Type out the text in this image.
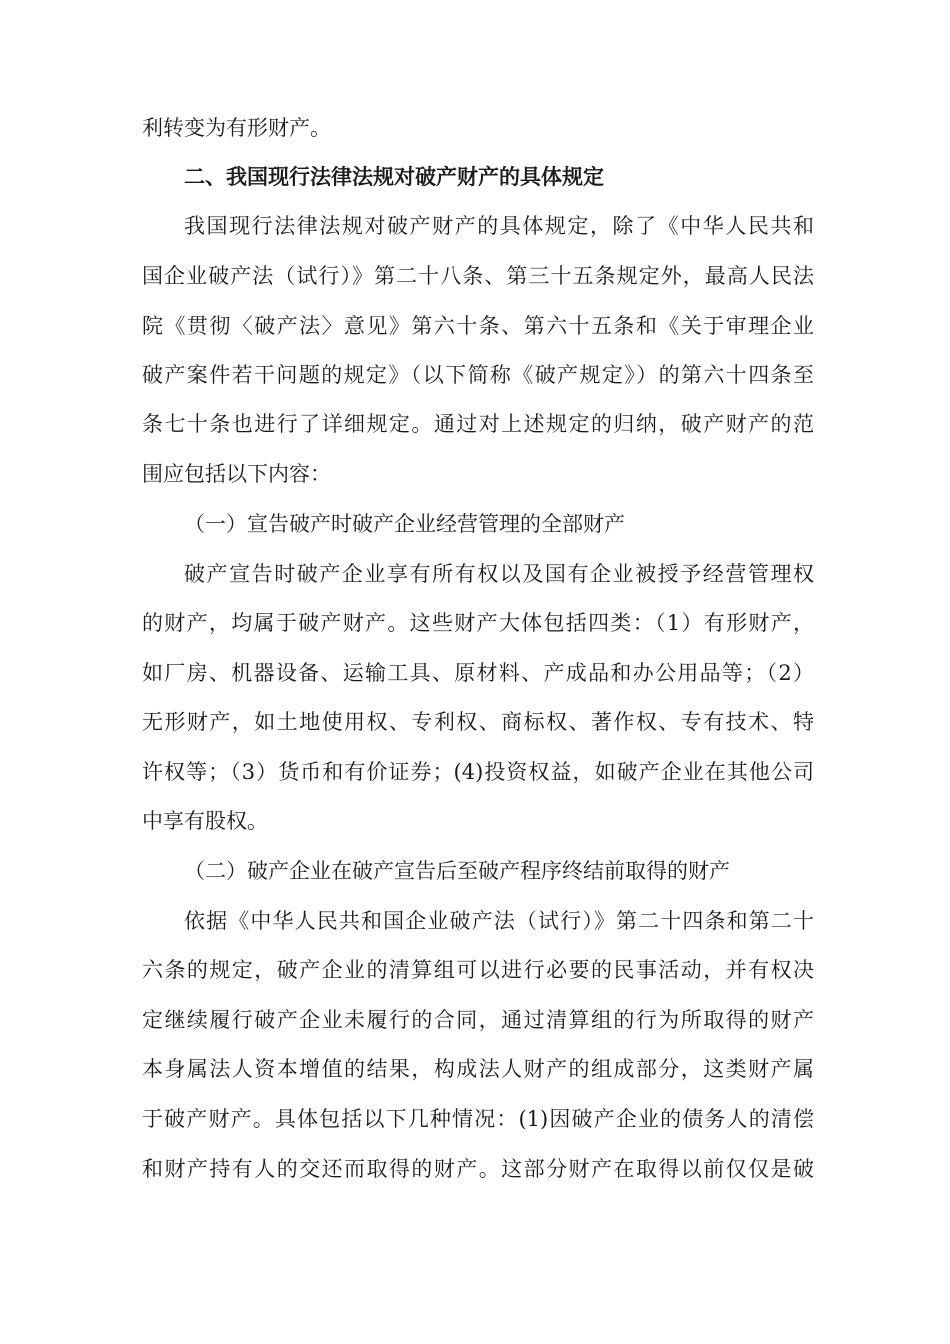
利转变为有形财产。
二、我国现行法律法规对破产财产的具体规定
我国现行法律法规对破产财产的具体规定，除了《中华人民共和
国企业破产法（试行）》第二十八条、第三十五条规定外，最高人民法
院《贯彻〈破产法〉意见》第六十条、第六十五条和《关于审理企业
破产案件若干问题的规定》（以下简称《破产规定》）的第六十四条至
条七十条也进行了详细规定。通过对上述规定的归纳，破产财产的范
围应包括以下内容：
（一）宣告破产时破产企业经营管理的全部财产
破产宣告时破产企业享有所有权以及国有企业被授予经营管理权
的财产，均属于破产财产。这些财产大体包括四类：（1）有形财产，
如厂房、机器设备、运输工具、原材料、产成品和办公用品等；（2）
无形财产，如土地使用权、专利权、商标权、著作权、专有技术、特
许权等；（3）货币和有价证券；(4)投资权益，如破产企业在其他公司
中享有股权。
（二）破产企业在破产宣告后至破产程序终结前取得的财产
依据《中华人民共和国企业破产法（试行）》第二十四条和第二十
六条的规定，破产企业的清算组可以进行必要的民事活动，并有权决
定继续履行破产企业未履行的合同，通过清算组的行为所取得的财产
本身属法人资本增值的结果，构成法人财产的组成部分，这类财产属
于破产财产。具体包括以下几种情况：(1)因破产企业的债务人的清偿
和财产持有人的交还而取得的财产。这部分财产在取得以前仅仅是破
